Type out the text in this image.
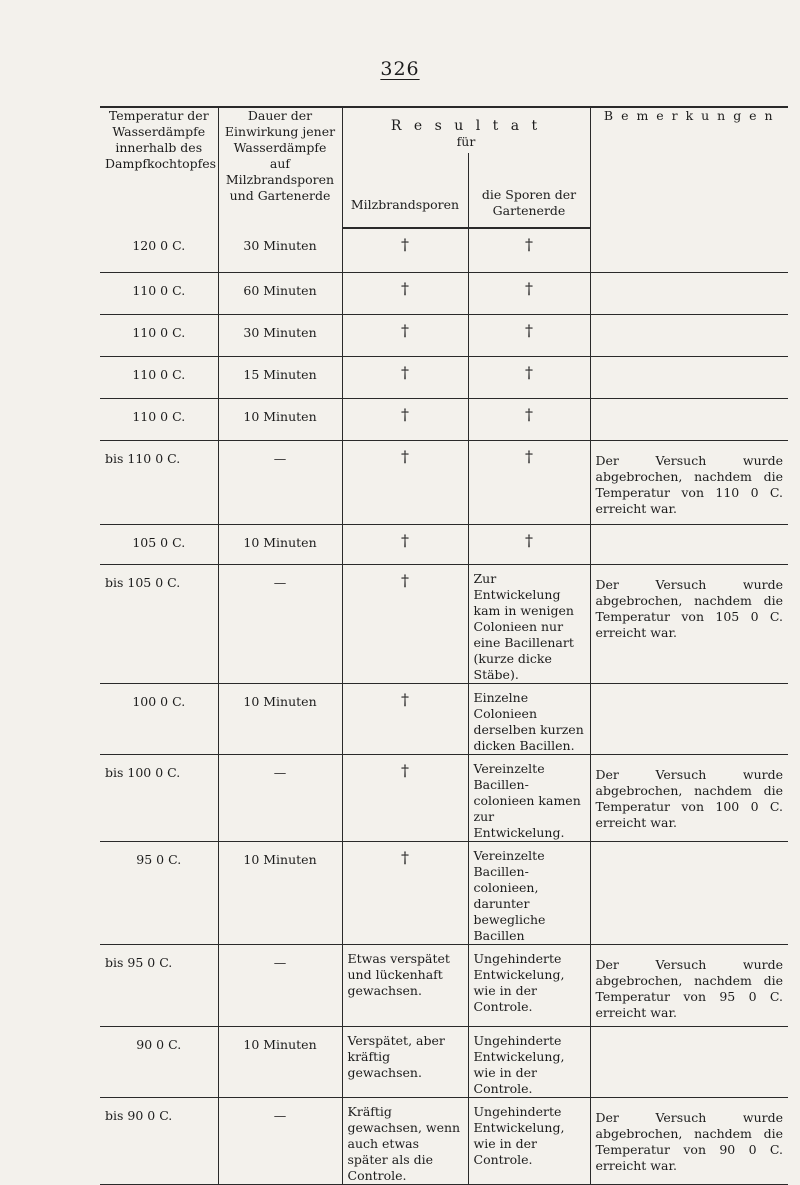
326
Temperatur der Wasserdämpfe innerhalb des Dampfkochtopfes	Dauer der Einwirkung jener Wasserdämpfe auf Milzbrandsporen und Gartenerde	R e s u l t a t
für		B e m e r k u n g e n
		Milzbrandsporen	die Sporen der Gartenerde	
120 0 C.	30 Minuten	†	†	
110 0 C.	60 Minuten	†	†	
110 0 C.	30 Minuten	†	†	
110 0 C.	15 Minuten	†	†	
110 0 C.	10 Minuten	†	†	
bis 110 0 C.	—	†	†	Der Versuch wurde abgebrochen, nachdem die Temperatur von 110 0 C. erreicht war.
105 0 C.	10 Minuten	†	†	
bis 105 0 C.	—	†	Zur Entwickelung kam in wenigen Colonieen nur eine Bacillenart (kurze dicke Stäbe).	Der Versuch wurde abgebrochen, nachdem die Temperatur von 105 0 C. erreicht war.
100 0 C.	10 Minuten	†	Einzelne Colonieen derselben kurzen dicken Bacillen.	
bis 100 0 C.	—	†	Vereinzelte Bacillen-colonieen kamen zur Entwickelung.	Der Versuch wurde abgebrochen, nachdem die Temperatur von 100 0 C. erreicht war.
95 0 C.	10 Minuten	†	Vereinzelte Bacillen-colonieen, darunter bewegliche Bacillen	
bis 95 0 C.	—	Etwas verspätet und lückenhaft gewachsen.	Ungehinderte Entwickelung, wie in der Controle.	Der Versuch wurde abgebrochen, nachdem die Temperatur von 95 0 C. erreicht war.
90 0 C.	10 Minuten	Verspätet, aber kräftig gewachsen.	Ungehinderte Entwickelung, wie in der Controle.	
bis 90 0 C.	—	Kräftig gewachsen, wenn auch etwas später als die Controle.	Ungehinderte Entwickelung, wie in der Controle.	Der Versuch wurde abgebrochen, nachdem die Temperatur von 90 0 C. erreicht war.
